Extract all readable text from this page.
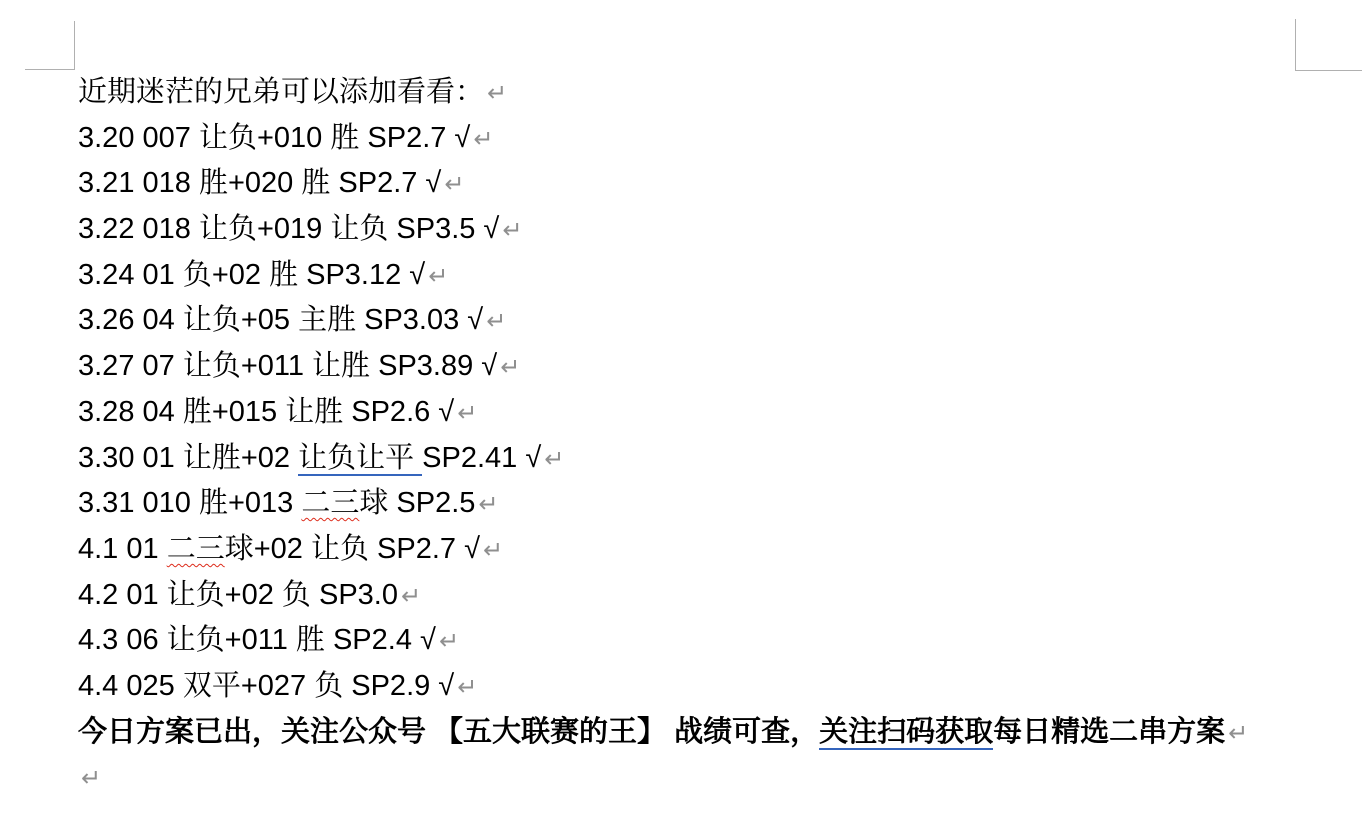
近期迷茫的兄弟可以添加看看： ↵
3.20 007 让负+010 胜 SP2.7 √ ↵
3.21 018 胜+020 胜 SP2.7 √ ↵
3.22 018 让负+019 让负 SP3.5 √ ↵
3.24 01 负+02 胜 SP3.12 √ ↵
3.26 04 让负+05 主胜 SP3.03 √ ↵
3.27 07 让负+011 让胜 SP3.89 √ ↵
3.28 04 胜+015 让胜 SP2.6 √ ↵
3.30 01 让胜+02 让负让平 SP2.41 √ ↵
3.31 010 胜+013 二三球 SP2.5 ↵
4.1 01 二三球+02 让负 SP2.7 √ ↵
4.2 01 让负+02 负 SP3.0 ↵
4.3 06 让负+011 胜 SP2.4 √ ↵
4.4 025 双平+027 负 SP2.9 √ ↵
今日方案已出，关注公众号 【五大联赛的王】 战绩可查，关注扫码获取每日精选二串方案 ↵
↵
